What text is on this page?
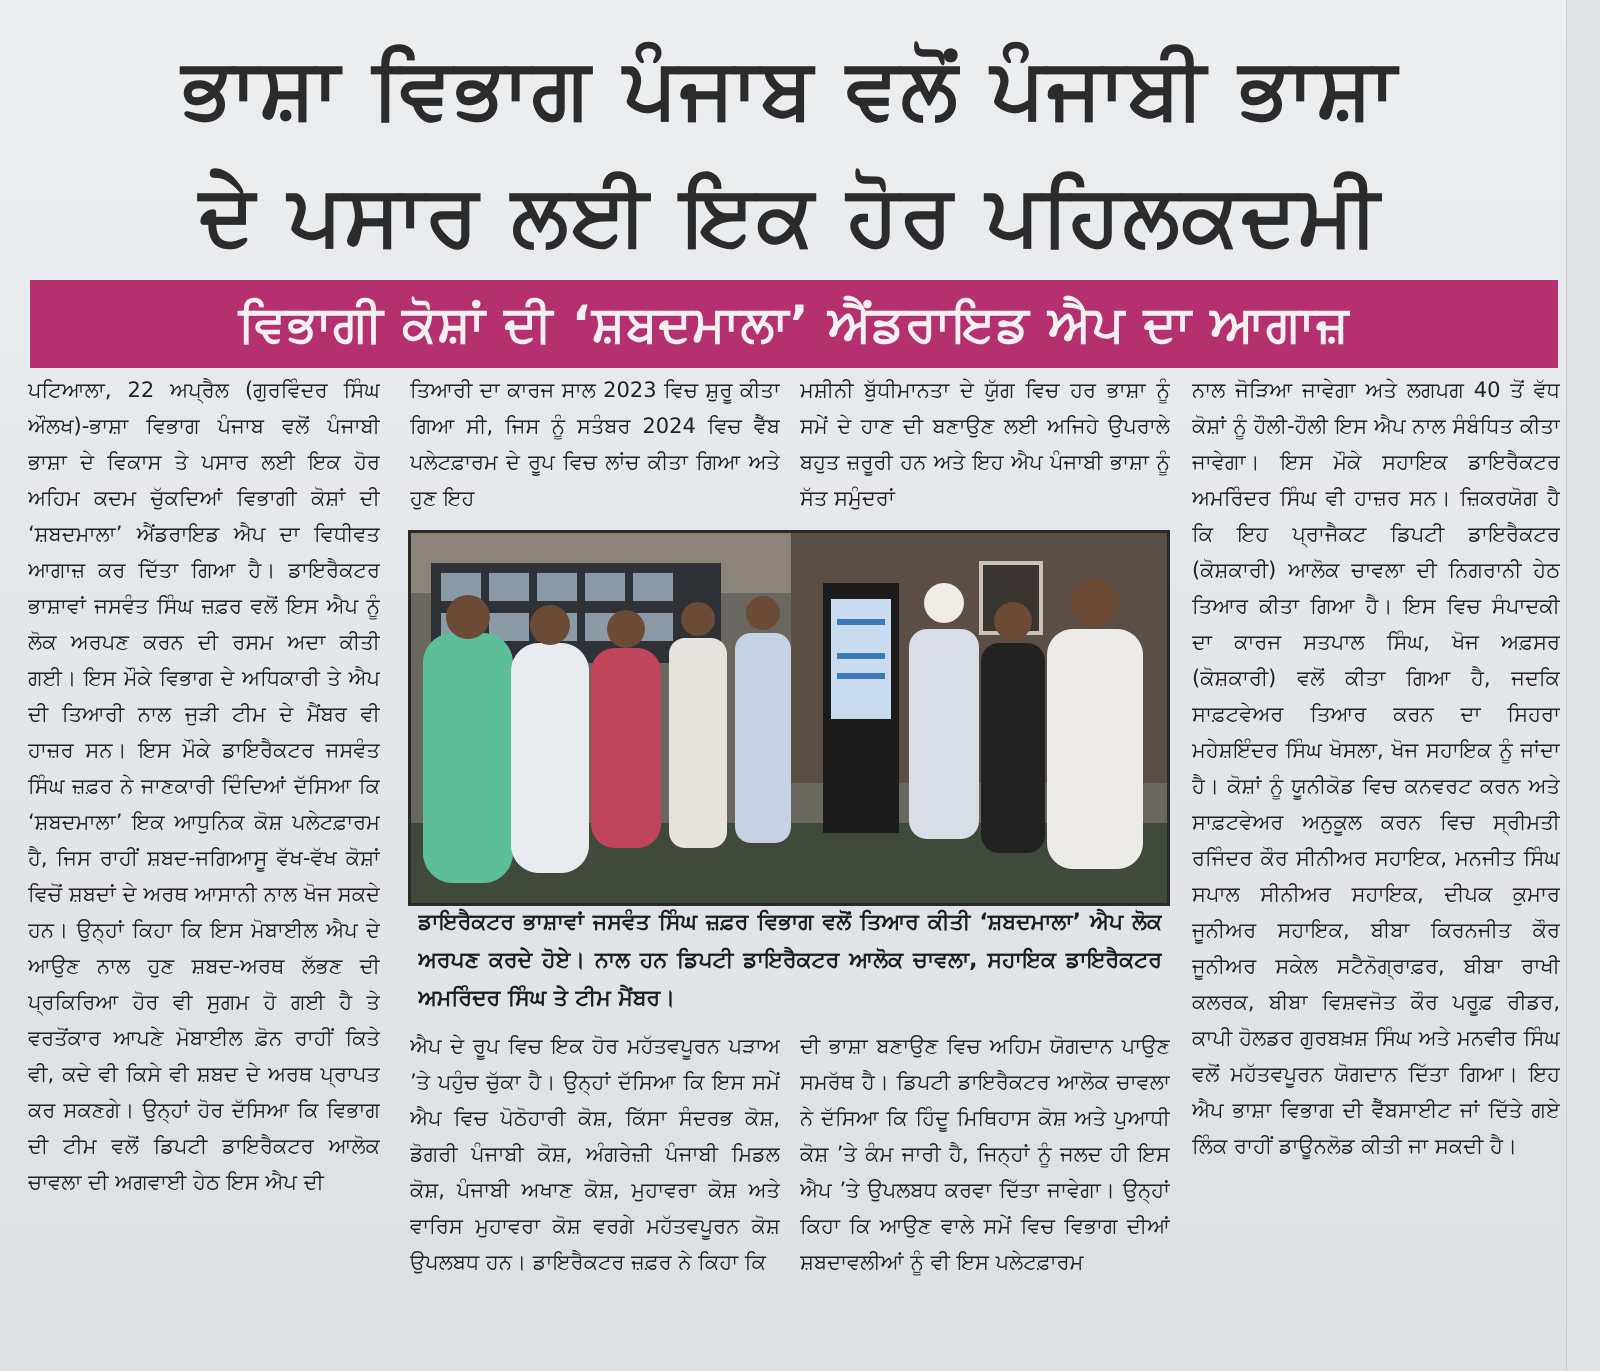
ਭਾਸ਼ਾ ਵਿਭਾਗ ਪੰਜਾਬ ਵਲੋਂ ਪੰਜਾਬੀ ਭਾਸ਼ਾ
ਦੇ ਪਸਾਰ ਲਈ ਇਕ ਹੋਰ ਪਹਿਲਕਦਮੀ
ਵਿਭਾਗੀ ਕੋਸ਼ਾਂ ਦੀ ‘ਸ਼ਬਦਮਾਲਾ’ ਐਂਡਰਾਇਡ ਐਪ ਦਾ ਆਗਾਜ਼

ਪਟਿਆਲਾ, 22 ਅਪ੍ਰੈਲ (ਗੁਰਵਿੰਦਰ ਸਿੰਘ ਔਲਖ)-ਭਾਸ਼ਾ ਵਿਭਾਗ ਪੰਜਾਬ ਵਲੋਂ ਪੰਜਾਬੀ ਭਾਸ਼ਾ ਦੇ ਵਿਕਾਸ ਤੇ ਪਸਾਰ ਲਈ ਇਕ ਹੋਰ ਅਹਿਮ ਕਦਮ ਚੁੱਕਦਿਆਂ ਵਿਭਾਗੀ ਕੋਸ਼ਾਂ ਦੀ ‘ਸ਼ਬਦਮਾਲਾ’ ਐਂਡਰਾਇਡ ਐਪ ਦਾ ਵਿਧੀਵਤ ਆਗਾਜ਼ ਕਰ ਦਿੱਤਾ ਗਿਆ ਹੈ। ਡਾਇਰੈਕਟਰ ਭਾਸ਼ਾਵਾਂ ਜਸਵੰਤ ਸਿੰਘ ਜ਼ਫ਼ਰ ਵਲੋਂ ਇਸ ਐਪ ਨੂੰ ਲੋਕ ਅਰਪਣ ਕਰਨ ਦੀ ਰਸਮ ਅਦਾ ਕੀਤੀ ਗਈ। ਇਸ ਮੌਕੇ ਵਿਭਾਗ ਦੇ ਅਧਿਕਾਰੀ ਤੇ ਐਪ ਦੀ ਤਿਆਰੀ ਨਾਲ ਜੁੜੀ ਟੀਮ ਦੇ ਮੈਂਬਰ ਵੀ ਹਾਜ਼ਰ ਸਨ। ਇਸ ਮੌਕੇ ਡਾਇਰੈਕਟਰ ਜਸਵੰਤ ਸਿੰਘ ਜ਼ਫ਼ਰ ਨੇ ਜਾਣਕਾਰੀ ਦਿੰਦਿਆਂ ਦੱਸਿਆ ਕਿ ‘ਸ਼ਬਦਮਾਲਾ’ ਇਕ ਆਧੁਨਿਕ ਕੋਸ਼ ਪਲੇਟਫ਼ਾਰਮ ਹੈ, ਜਿਸ ਰਾਹੀਂ ਸ਼ਬਦ-ਜਗਿਆਸੂ ਵੱਖ-ਵੱਖ ਕੋਸ਼ਾਂ ਵਿਚੋਂ ਸ਼ਬਦਾਂ ਦੇ ਅਰਥ ਆਸਾਨੀ ਨਾਲ ਖੋਜ ਸਕਦੇ ਹਨ। ਉਨ੍ਹਾਂ ਕਿਹਾ ਕਿ ਇਸ ਮੋਬਾਈਲ ਐਪ ਦੇ ਆਉਣ ਨਾਲ ਹੁਣ ਸ਼ਬਦ-ਅਰਥ ਲੱਭਣ ਦੀ ਪ੍ਰਕਿਰਿਆ ਹੋਰ ਵੀ ਸੁਗਮ ਹੋ ਗਈ ਹੈ ਤੇ ਵਰਤੋਂਕਾਰ ਆਪਣੇ ਮੋਬਾਈਲ ਫ਼ੋਨ ਰਾਹੀਂ ਕਿਤੇ ਵੀ, ਕਦੇ ਵੀ ਕਿਸੇ ਵੀ ਸ਼ਬਦ ਦੇ ਅਰਥ ਪ੍ਰਾਪਤ ਕਰ ਸਕਣਗੇ। ਉਨ੍ਹਾਂ ਹੋਰ ਦੱਸਿਆ ਕਿ ਵਿਭਾਗ ਦੀ ਟੀਮ ਵਲੋਂ ਡਿਪਟੀ ਡਾਇਰੈਕਟਰ ਆਲੋਕ ਚਾਵਲਾ ਦੀ ਅਗਵਾਈ ਹੇਠ ਇਸ ਐਪ ਦੀ

ਤਿਆਰੀ ਦਾ ਕਾਰਜ ਸਾਲ 2023 ਵਿਚ ਸ਼ੁਰੂ ਕੀਤਾ ਗਿਆ ਸੀ, ਜਿਸ ਨੂੰ ਸਤੰਬਰ 2024 ਵਿਚ ਵੈੱਬ ਪਲੇਟਫ਼ਾਰਮ ਦੇ ਰੂਪ ਵਿਚ ਲਾਂਚ ਕੀਤਾ ਗਿਆ ਅਤੇ ਹੁਣ ਇਹ

ਮਸ਼ੀਨੀ ਬੁੱਧੀਮਾਨਤਾ ਦੇ ਯੁੱਗ ਵਿਚ ਹਰ ਭਾਸ਼ਾ ਨੂੰ ਸਮੇਂ ਦੇ ਹਾਣ ਦੀ ਬਣਾਉਣ ਲਈ ਅਜਿਹੇ ਉਪਰਾਲੇ ਬਹੁਤ ਜ਼ਰੂਰੀ ਹਨ ਅਤੇ ਇਹ ਐਪ ਪੰਜਾਬੀ ਭਾਸ਼ਾ ਨੂੰ ਸੱਤ ਸਮੁੰਦਰਾਂ

ਨਾਲ ਜੋੜਿਆ ਜਾਵੇਗਾ ਅਤੇ ਲਗਪਗ 40 ਤੋਂ ਵੱਧ ਕੋਸ਼ਾਂ ਨੂੰ ਹੌਲੀ-ਹੌਲੀ ਇਸ ਐਪ ਨਾਲ ਸੰਬੰਧਿਤ ਕੀਤਾ ਜਾਵੇਗਾ। ਇਸ ਮੌਕੇ ਸਹਾਇਕ ਡਾਇਰੈਕਟਰ ਅਮਰਿੰਦਰ ਸਿੰਘ ਵੀ ਹਾਜ਼ਰ ਸਨ। ਜ਼ਿਕਰਯੋਗ ਹੈ ਕਿ ਇਹ ਪ੍ਰਾਜੈਕਟ ਡਿਪਟੀ ਡਾਇਰੈਕਟਰ (ਕੋਸ਼ਕਾਰੀ) ਆਲੋਕ ਚਾਵਲਾ ਦੀ ਨਿਗਰਾਨੀ ਹੇਠ ਤਿਆਰ ਕੀਤਾ ਗਿਆ ਹੈ। ਇਸ ਵਿਚ ਸੰਪਾਦਕੀ ਦਾ ਕਾਰਜ ਸਤਪਾਲ ਸਿੰਘ, ਖੋਜ ਅਫ਼ਸਰ (ਕੋਸ਼ਕਾਰੀ) ਵਲੋਂ ਕੀਤਾ ਗਿਆ ਹੈ, ਜਦਕਿ ਸਾਫ਼ਟਵੇਅਰ ਤਿਆਰ ਕਰਨ ਦਾ ਸਿਹਰਾ ਮਹੇਸ਼ਇੰਦਰ ਸਿੰਘ ਖੋਸਲਾ, ਖੋਜ ਸਹਾਇਕ ਨੂੰ ਜਾਂਦਾ ਹੈ। ਕੋਸ਼ਾਂ ਨੂੰ ਯੂਨੀਕੋਡ ਵਿਚ ਕਨਵਰਟ ਕਰਨ ਅਤੇ ਸਾਫ਼ਟਵੇਅਰ ਅਨੁਕੂਲ ਕਰਨ ਵਿਚ ਸ੍ਰੀਮਤੀ ਰਜਿੰਦਰ ਕੌਰ ਸੀਨੀਅਰ ਸਹਾਇਕ, ਮਨਜੀਤ ਸਿੰਘ ਸਪਾਲ ਸੀਨੀਅਰ ਸਹਾਇਕ, ਦੀਪਕ ਕੁਮਾਰ ਜੂਨੀਅਰ ਸਹਾਇਕ, ਬੀਬਾ ਕਿਰਨਜੀਤ ਕੌਰ ਜੂਨੀਅਰ ਸਕੇਲ ਸਟੈਨੋਗ੍ਰਾਫ਼ਰ, ਬੀਬਾ ਰਾਖੀ ਕਲਰਕ, ਬੀਬਾ ਵਿਸ਼ਵਜੋਤ ਕੌਰ ਪਰੂਫ਼ ਰੀਡਰ, ਕਾਪੀ ਹੋਲਡਰ ਗੁਰਬਖ਼ਸ਼ ਸਿੰਘ ਅਤੇ ਮਨਵੀਰ ਸਿੰਘ ਵਲੋਂ ਮਹੱਤਵਪੂਰਨ ਯੋਗਦਾਨ ਦਿੱਤਾ ਗਿਆ। ਇਹ ਐਪ ਭਾਸ਼ਾ ਵਿਭਾਗ ਦੀ ਵੈੱਬਸਾਈਟ ਜਾਂ ਦਿੱਤੇ ਗਏ ਲਿੰਕ ਰਾਹੀਂ ਡਾਊਨਲੋਡ ਕੀਤੀ ਜਾ ਸਕਦੀ ਹੈ।

ਡਾਇਰੈਕਟਰ ਭਾਸ਼ਾਵਾਂ ਜਸਵੰਤ ਸਿੰਘ ਜ਼ਫ਼ਰ ਵਿਭਾਗ ਵਲੋਂ ਤਿਆਰ ਕੀਤੀ ‘ਸ਼ਬਦਮਾਲਾ’ ਐਪ ਲੋਕ ਅਰਪਣ ਕਰਦੇ ਹੋਏ। ਨਾਲ ਹਨ ਡਿਪਟੀ ਡਾਇਰੈਕਟਰ ਆਲੋਕ ਚਾਵਲਾ, ਸਹਾਇਕ ਡਾਇਰੈਕਟਰ ਅਮਰਿੰਦਰ ਸਿੰਘ ਤੇ ਟੀਮ ਮੈਂਬਰ।

ਐਪ ਦੇ ਰੂਪ ਵਿਚ ਇਕ ਹੋਰ ਮਹੱਤਵਪੂਰਨ ਪੜਾਅ ’ਤੇ ਪਹੁੰਚ ਚੁੱਕਾ ਹੈ। ਉਨ੍ਹਾਂ ਦੱਸਿਆ ਕਿ ਇਸ ਸਮੇਂ ਐਪ ਵਿਚ ਪੋਠੋਹਾਰੀ ਕੋਸ਼, ਕਿੱਸਾ ਸੰਦਰਭ ਕੋਸ਼, ਡੋਗਰੀ ਪੰਜਾਬੀ ਕੋਸ਼, ਅੰਗਰੇਜ਼ੀ ਪੰਜਾਬੀ ਮਿਡਲ ਕੋਸ਼, ਪੰਜਾਬੀ ਅਖਾਣ ਕੋਸ਼, ਮੁਹਾਵਰਾ ਕੋਸ਼ ਅਤੇ ਵਾਰਿਸ ਮੁਹਾਵਰਾ ਕੋਸ਼ ਵਰਗੇ ਮਹੱਤਵਪੂਰਨ ਕੋਸ਼ ਉਪਲਬਧ ਹਨ। ਡਾਇਰੈਕਟਰ ਜ਼ਫ਼ਰ ਨੇ ਕਿਹਾ ਕਿ

ਦੀ ਭਾਸ਼ਾ ਬਣਾਉਣ ਵਿਚ ਅਹਿਮ ਯੋਗਦਾਨ ਪਾਉਣ ਸਮਰੱਥ ਹੈ। ਡਿਪਟੀ ਡਾਇਰੈਕਟਰ ਆਲੋਕ ਚਾਵਲਾ ਨੇ ਦੱਸਿਆ ਕਿ ਹਿੰਦੂ ਮਿਥਿਹਾਸ ਕੋਸ਼ ਅਤੇ ਪੁਆਧੀ ਕੋਸ਼ ’ਤੇ ਕੰਮ ਜਾਰੀ ਹੈ, ਜਿਨ੍ਹਾਂ ਨੂੰ ਜਲਦ ਹੀ ਇਸ ਐਪ ’ਤੇ ਉਪਲਬਧ ਕਰਵਾ ਦਿੱਤਾ ਜਾਵੇਗਾ। ਉਨ੍ਹਾਂ ਕਿਹਾ ਕਿ ਆਉਣ ਵਾਲੇ ਸਮੇਂ ਵਿਚ ਵਿਭਾਗ ਦੀਆਂ ਸ਼ਬਦਾਵਲੀਆਂ ਨੂੰ ਵੀ ਇਸ ਪਲੇਟਫ਼ਾਰਮ
